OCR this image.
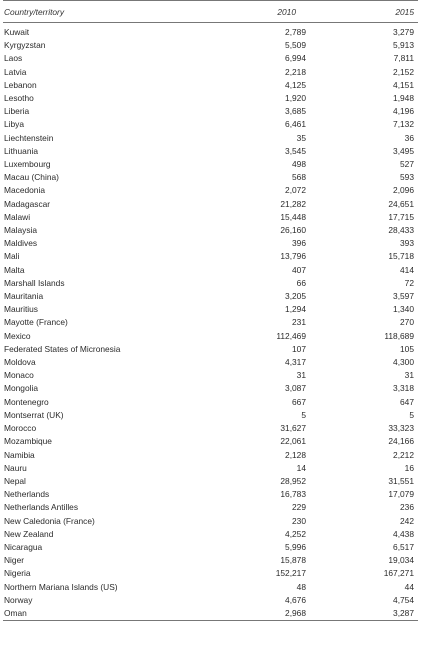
Country/territory	2010	2015
Kuwait	2,789	3,279
Kyrgyzstan	5,509	5,913
Laos	6,994	7,811
Latvia	2,218	2,152
Lebanon	4,125	4,151
Lesotho	1,920	1,948
Liberia	3,685	4,196
Libya	6,461	7,132
Liechtenstein	35	36
Lithuania	3,545	3,495
Luxembourg	498	527
Macau (China)	568	593
Macedonia	2,072	2,096
Madagascar	21,282	24,651
Malawi	15,448	17,715
Malaysia	26,160	28,433
Maldives	396	393
Mali	13,796	15,718
Malta	407	414
Marshall Islands	66	72
Mauritania	3,205	3,597
Mauritius	1,294	1,340
Mayotte (France)	231	270
Mexico	112,469	118,689
Federated States of Micronesia	107	105
Moldova	4,317	4,300
Monaco	31	31
Mongolia	3,087	3,318
Montenegro	667	647
Montserrat (UK)	5	5
Morocco	31,627	33,323
Mozambique	22,061	24,166
Namibia	2,128	2,212
Nauru	14	16
Nepal	28,952	31,551
Netherlands	16,783	17,079
Netherlands Antilles	229	236
New Caledonia (France)	230	242
New Zealand	4,252	4,438
Nicaragua	5,996	6,517
Niger	15,878	19,034
Nigeria	152,217	167,271
Northern Mariana Islands (US)	48	44
Norway	4,676	4,754
Oman	2,968	3,287
